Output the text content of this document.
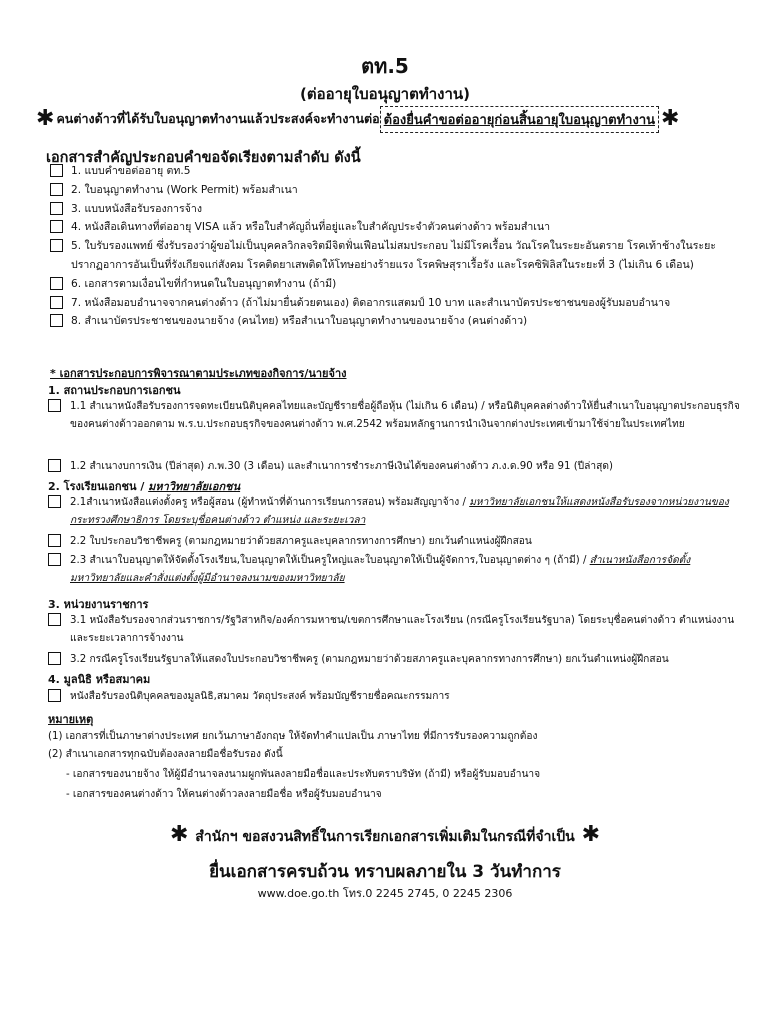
ตท.5
(ต่ออายุใบอนุญาตทำงาน)
✱ คนต่างด้าวที่ได้รับใบอนุญาตทำงานแล้วประสงค์จะทำงานต่อ ต้องยื่นคำขอต่ออายุก่อนสิ้นอายุใบอนุญาตทำงาน ✱
เอกสารสำคัญประกอบคำขอจัดเรียงตามลำดับ ดังนี้
1. แบบคำขอต่ออายุ ตท.5
2. ใบอนุญาตทำงาน (Work Permit) พร้อมสำเนา
3. แบบหนังสือรับรองการจ้าง
4. หนังสือเดินทางที่ต่ออายุ VISA แล้ว หรือใบสำคัญถิ่นที่อยู่และใบสำคัญประจำตัวคนต่างด้าว พร้อมสำเนา
5. ใบรับรองแพทย์ ซึ่งรับรองว่าผู้ขอไม่เป็นบุคคลวิกลจริตมีจิตฟั่นเฟือนไม่สมประกอบ ไม่มีโรคเรื้อน วัณโรคในระยะอันตราย โรคเท้าช้างในระยะปรากฏอาการอันเป็นที่รังเกียจแก่สังคม โรคติดยาเสพติดให้โทษอย่างร้ายแรง โรคพิษสุราเรื้อรัง และโรคซิฟิลิสในระยะที่ 3 (ไม่เกิน 6 เดือน)
6. เอกสารตามเงื่อนไขที่กำหนดในใบอนุญาตทำงาน (ถ้ามี)
7. หนังสือมอบอำนาจจากคนต่างด้าว (ถ้าไม่มายื่นด้วยตนเอง) ติดอากรแสตมป์ 10 บาท และสำเนาบัตรประชาชนของผู้รับมอบอำนาจ
8. สำเนาบัตรประชาชนของนายจ้าง (คนไทย) หรือสำเนาใบอนุญาตทำงานของนายจ้าง (คนต่างด้าว)
* เอกสารประกอบการพิจารณาตามประเภทของกิจการ/นายจ้าง
1. สถานประกอบการเอกชน
1.1 สำเนาหนังสือรับรองการจดทะเบียนนิติบุคคลไทยและบัญชีรายชื่อผู้ถือหุ้น (ไม่เกิน 6 เดือน) / หรือนิติบุคคลต่างด้าวให้ยื่นสำเนาใบอนุญาตประกอบธุรกิจของคนต่างด้าวออกตาม พ.ร.บ.ประกอบธุรกิจของคนต่างด้าว พ.ศ.2542 พร้อมหลักฐานการนำเงินจากต่างประเทศเข้ามาใช้จ่ายในประเทศไทย
1.2 สำเนางบการเงิน (ปีล่าสุด) ภ.พ.30 (3 เดือน) และสำเนาการชำระภาษีเงินได้ของคนต่างด้าว ภ.ง.ด.90 หรือ 91 (ปีล่าสุด)
2. โรงเรียนเอกชน / มหาวิทยาลัยเอกชน
2.1สำเนาหนังสือแต่งตั้งครู หรือผู้สอน (ผู้ทำหน้าที่ด้านการเรียนการสอน) พร้อมสัญญาจ้าง / มหาวิทยาลัยเอกชนให้แสดงหนังสือรับรองจากหน่วยงานของกระทรวงศึกษาธิการ โดยระบุชื่อคนต่างด้าว ตำแหน่ง และระยะเวลา
2.2 ใบประกอบวิชาชีพครู (ตามกฎหมายว่าด้วยสภาครูและบุคลากรทางการศึกษา) ยกเว้นตำแหน่งผู้ฝึกสอน
2.3 สำเนาใบอนุญาตให้จัดตั้งโรงเรียน,ใบอนุญาตให้เป็นครูใหญ่และใบอนุญาตให้เป็นผู้จัดการ,ใบอนุญาตต่าง ๆ (ถ้ามี) / สำเนาหนังสือการจัดตั้งมหาวิทยาลัยและคำสั่งแต่งตั้งผู้มีอำนาจลงนามของมหาวิทยาลัย
3. หน่วยงานราชการ
3.1 หนังสือรับรองจากส่วนราชการ/รัฐวิสาหกิจ/องค์การมหาชน/เขตการศึกษาและโรงเรียน (กรณีครูโรงเรียนรัฐบาล) โดยระบุชื่อคนต่างด้าว ตำแหน่งงาน และระยะเวลาการจ้างงาน
3.2 กรณีครูโรงเรียนรัฐบาลให้แสดงใบประกอบวิชาชีพครู (ตามกฎหมายว่าด้วยสภาครูและบุคลากรทางการศึกษา) ยกเว้นตำแหน่งผู้ฝึกสอน
4. มูลนิธิ หรือสมาคม
หนังสือรับรองนิติบุคคลของมูลนิธิ,สมาคม วัตถุประสงค์ พร้อมบัญชีรายชื่อคณะกรรมการ
หมายเหตุ
(1) เอกสารที่เป็นภาษาต่างประเทศ ยกเว้นภาษาอังกฤษ ให้จัดทำคำแปลเป็น ภาษาไทย ที่มีการรับรองความถูกต้อง
(2) สำเนาเอกสารทุกฉบับต้องลงลายมือชื่อรับรอง ดังนี้
- เอกสารของนายจ้าง ให้ผู้มีอำนาจลงนามผูกพันลงลายมือชื่อและประทับตราบริษัท (ถ้ามี) หรือผู้รับมอบอำนาจ
- เอกสารของคนต่างด้าว ให้คนต่างด้าวลงลายมือชื่อ หรือผู้รับมอบอำนาจ
✱ สำนักฯ ขอสงวนสิทธิ์ในการเรียกเอกสารเพิ่มเติมในกรณีที่จำเป็น ✱
ยื่นเอกสารครบถ้วน ทราบผลภายใน 3 วันทำการ
www.doe.go.th โทร.0 2245 2745, 0 2245 2306
